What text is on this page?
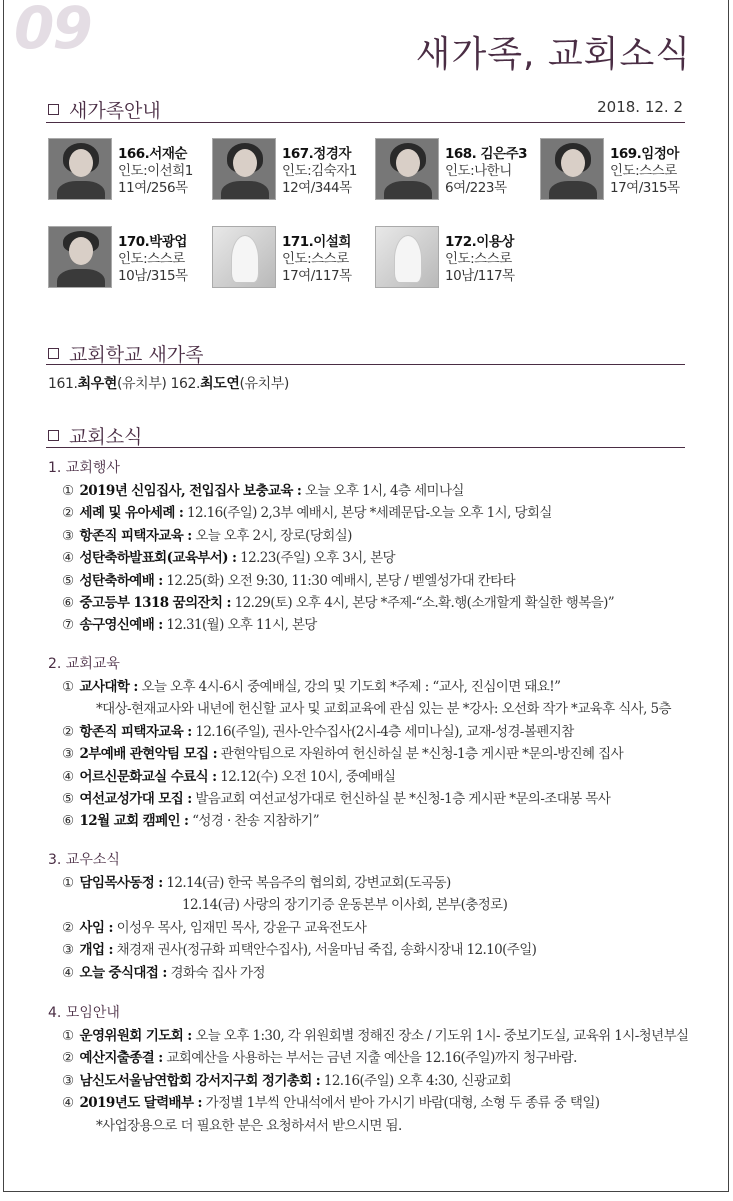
09	새가족, 교회소식
새가족안내	2018. 12. 2
166.서재순
인도:이선희1
11여/256목
167.정경자
인도:김숙자1
12여/344목
168. 김은주3
인도:나한니
6여/223목
169.임정아
인도:스스로
17여/315목
170.박광업
인도:스스로
10남/315목
171.이설희
인도:스스로
17여/117목
172.이용상
인도:스스로
10남/117목
교회학교 새가족
161.최우현(유치부) 162.최도연(유치부)
교회소식
1. 교회행사
2. 교회교육
3. 교우소식
4. 모임안내
① 2019년 신임집사, 전입집사 보충교육 : 오늘 오후 1시, 4층 세미나실
② 세례 및 유아세례 : 12.16(주일) 2,3부 예배시, 본당 *세례문답-오늘 오후 1시, 당회실
③ 항존직 피택자교육 : 오늘 오후 2시, 장로(당회실)
④ 성탄축하발표회(교육부서) : 12.23(주일) 오후 3시, 본당
⑤ 성탄축하예배 : 12.25(화) 오전 9:30, 11:30 예배시, 본당 / 벧엘성가대 칸타타
⑥ 중고등부 1318 꿈의잔치 : 12.29(토) 오후 4시, 본당 *주제-“소.확.행(소개할게 확실한 행복을)”
⑦ 송구영신예배 : 12.31(월) 오후 11시, 본당
① 교사대학 : 오늘 오후 4시-6시 중예배실, 강의 및 기도회 *주제 : “교사, 진심이면 돼요!”
*대상-현재교사와 내년에 헌신할 교사 및 교회교육에 관심 있는 분 *강사: 오선화 작가 *교육후 식사, 5층
② 항존직 피택자교육 : 12.16(주일), 권사-안수집사(2시-4층 세미나실), 교재-성경-볼펜지참
③ 2부예배 관현악팀 모집 : 관현악팀으로 자원하여 헌신하실 분 *신청-1층 게시판 *문의-방진혜 집사
④ 어르신문화교실 수료식 : 12.12(수) 오전 10시, 중예배실
⑤ 여선교성가대 모집 : 발음교회 여선교성가대로 헌신하실 분 *신청-1층 게시판 *문의-조대봉 목사
⑥ 12월 교회 캠페인 : “성경 · 찬송 지참하기”
① 담임목사동정 : 12.14(금) 한국 복음주의 협의회, 강변교회(도곡동)
12.14(금) 사랑의 장기기증 운동본부 이사회, 본부(충정로)
② 사임 : 이성우 목사, 임재민 목사, 강윤구 교육전도사
③ 개업 : 채경재 권사(정규화 피택안수집사), 서울마님 죽집, 송화시장내 12.10(주일)
④ 오늘 중식대접 : 경화숙 집사 가정
① 운영위원회 기도회 : 오늘 오후 1:30, 각 위원회별 정해진 장소 / 기도위 1시- 중보기도실, 교육위 1시-청년부실
② 예산지출종결 : 교회예산을 사용하는 부서는 금년 지출 예산을 12.16(주일)까지 청구바람.
③ 남신도서울남연합회 강서지구회 정기총회 : 12.16(주일) 오후 4:30, 신광교회
④ 2019년도 달력배부 : 가정별 1부씩 안내석에서 받아 가시기 바람(대형, 소형 두 종류 중 택일)
*사업장용으로 더 필요한 분은 요청하셔서 받으시면 됨.
